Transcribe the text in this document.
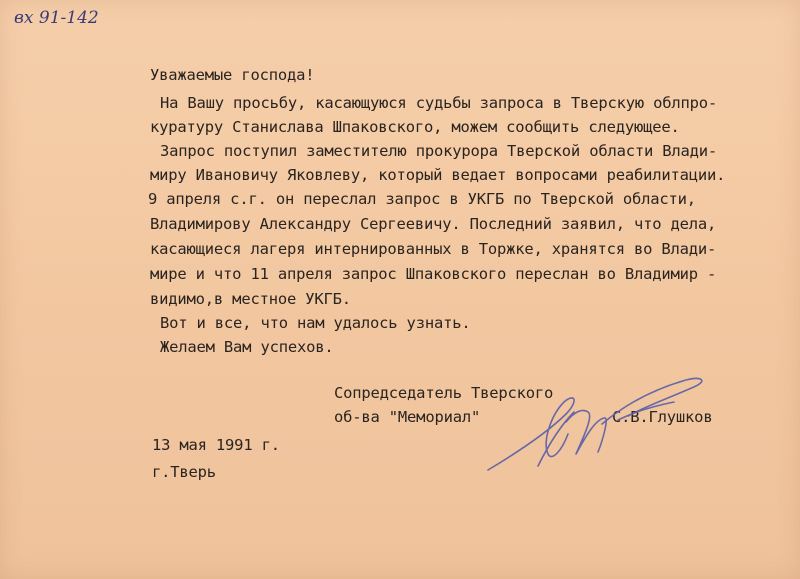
вх 91-142
Уважаемые господа!
На Вашу просьбу, касающуюся судьбы запроса в Тверскую облпро-
куратуру Станислава Шпаковского, можем сообщить следующее.
Запрос поступил заместителю прокурора Тверской области Влади-
миру Ивановичу Яковлеву, который ведает вопросами реабилитации.
9 апреля с.г. он переслал запрос в УКГБ по Тверской области,
Владимирову Александру Сергеевичу. Последний заявил, что дела,
касающиеся лагеря интернированных в Торжке, хранятся во Влади-
мире и что 11 апреля запрос Шпаковского переслан во Владимир -
видимо,в местное УКГБ.
Вот и все, что нам удалось узнать.
Желаем Вам успехов.
Сопредседатель Тверского
об-ва "Мемориал"	С.В.Глушков
13 мая 1991 г.
г.Тверь
